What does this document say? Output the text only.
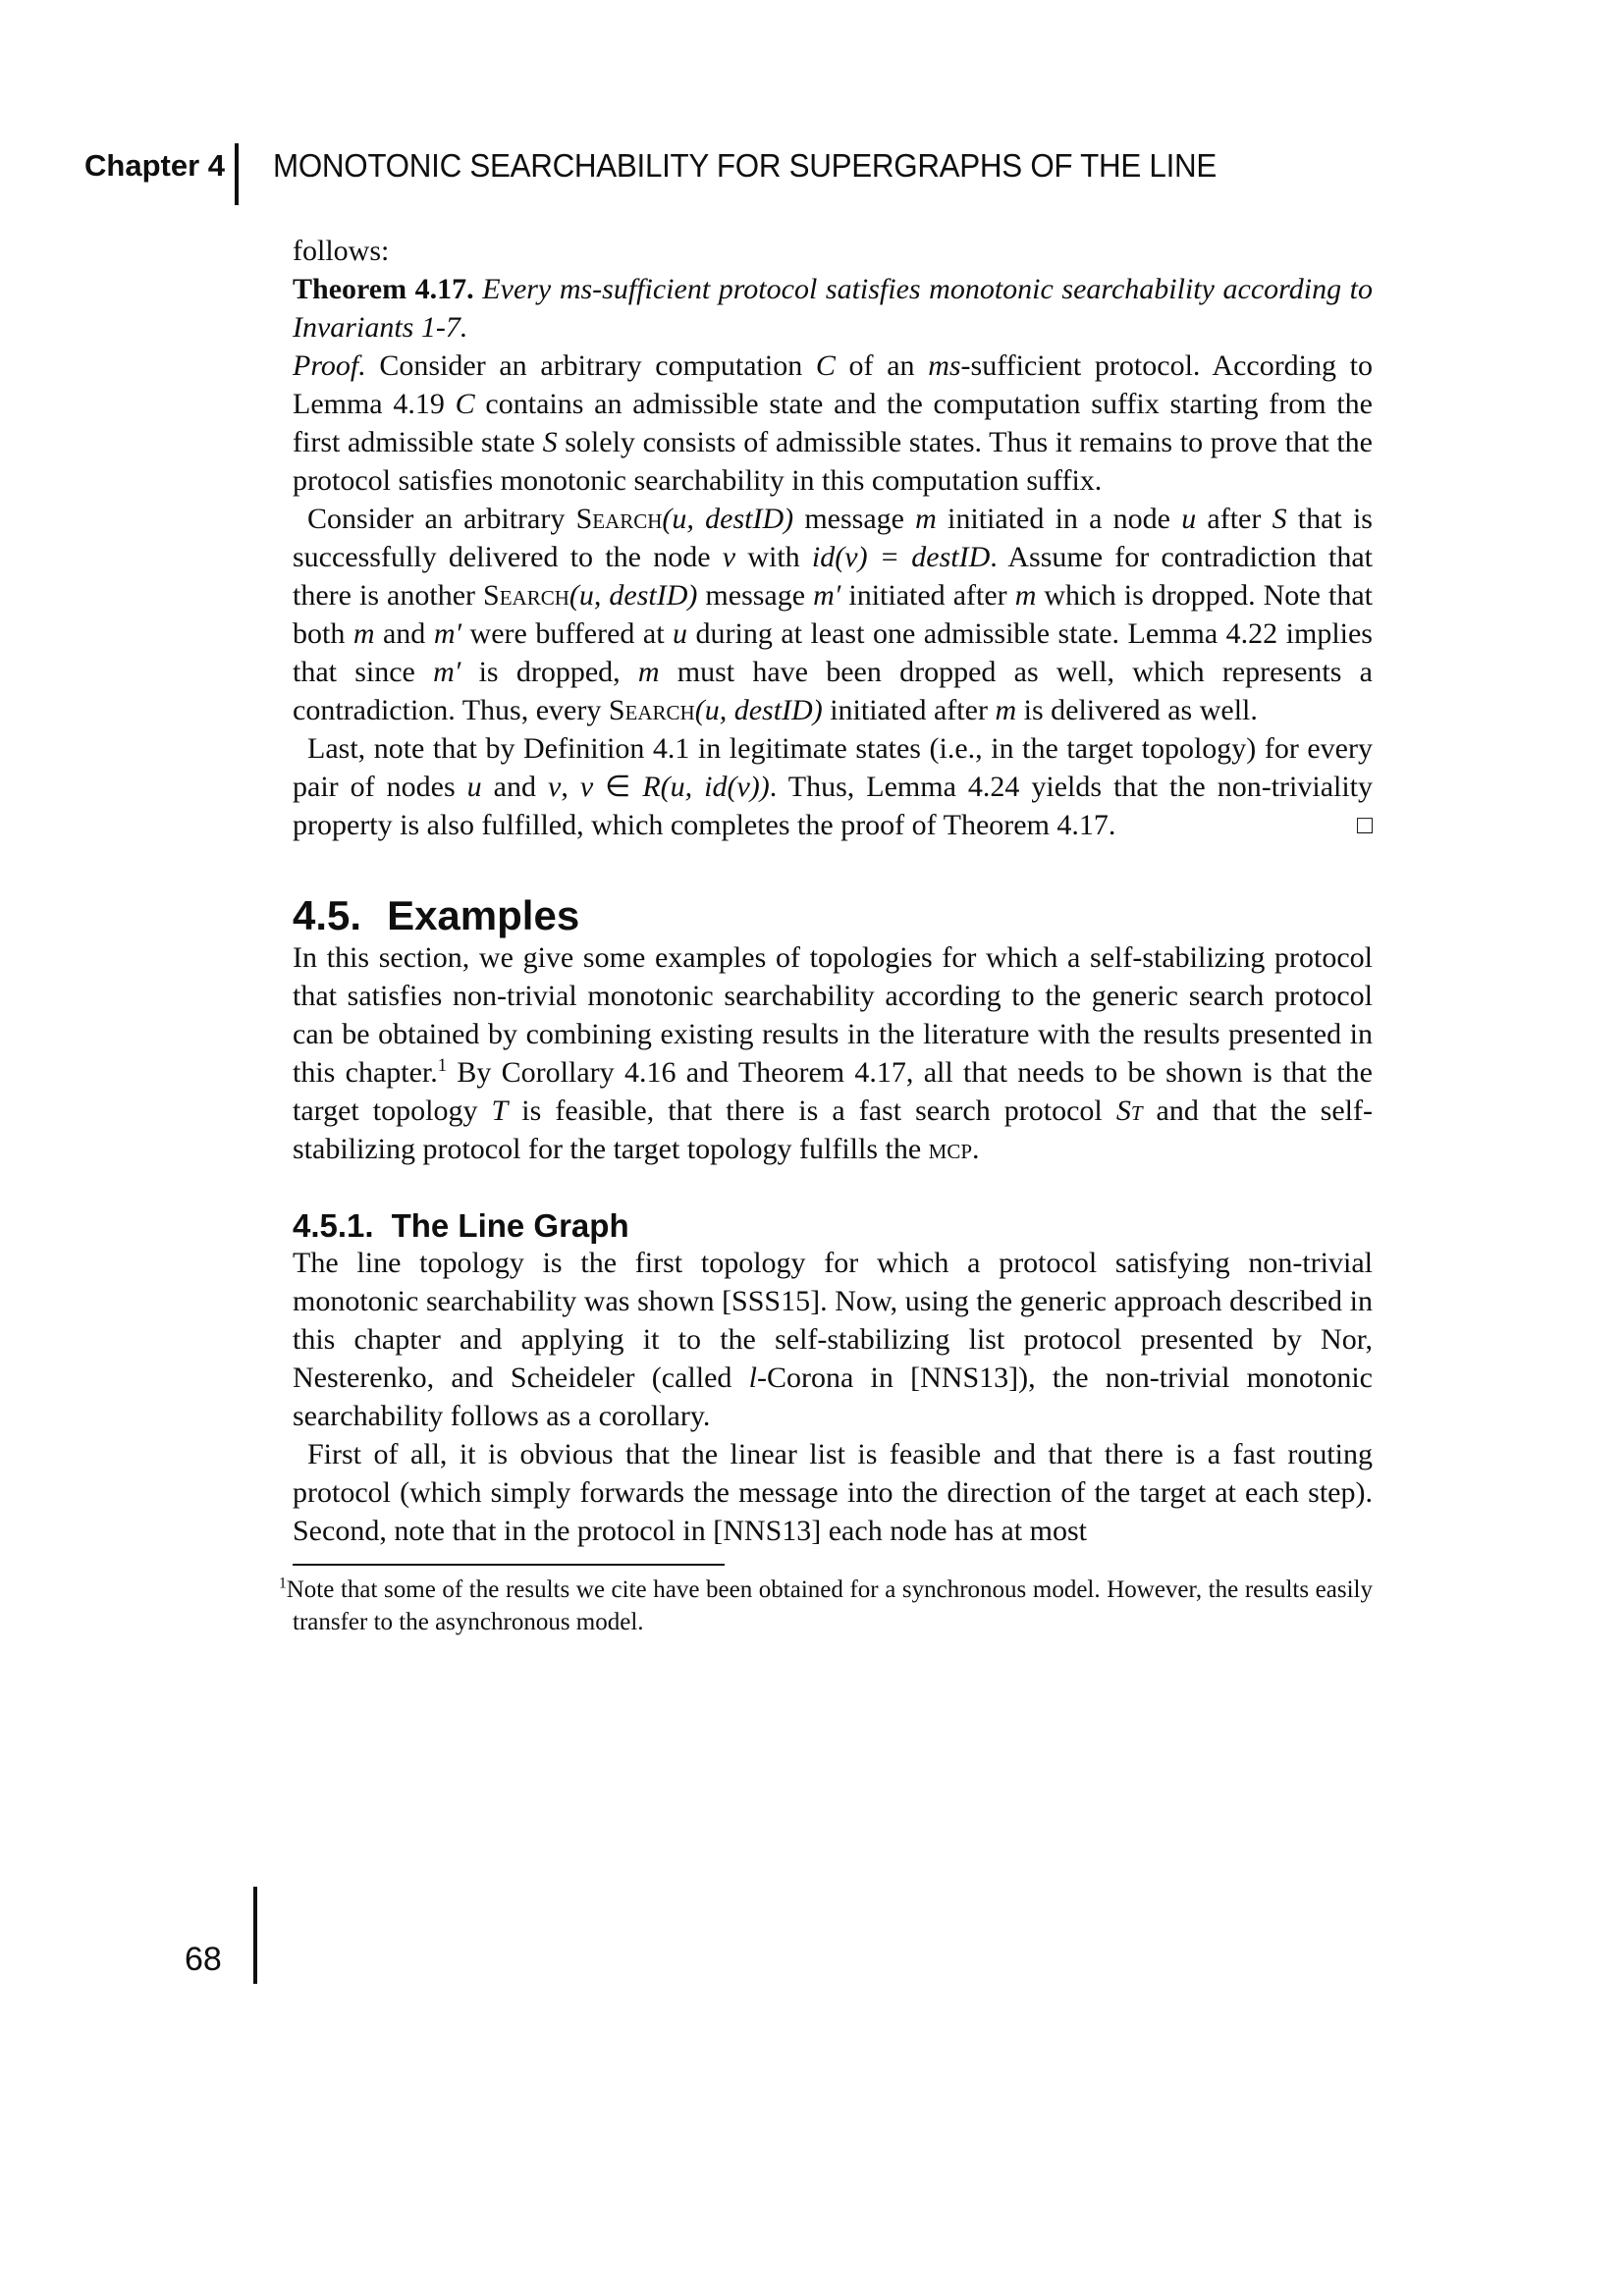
Chapter 4 MONOTONIC SEARCHABILITY FOR SUPERGRAPHS OF THE LINE

follows:

Theorem 4.17. Every ms-sufficient protocol satisfies monotonic searchability according to Invariants 1-7.

Proof. Consider an arbitrary computation C of an ms-sufficient protocol. According to Lemma 4.19 C contains an admissible state and the computation suffix starting from the first admissible state S solely consists of admissible states. Thus it remains to prove that the protocol satisfies monotonic searchability in this computation suffix.

Consider an arbitrary Search(u, destID) message m initiated in a node u after S that is successfully delivered to the node v with id(v) = destID. Assume for contradiction that there is another Search(u, destID) message m′ initiated after m which is dropped. Note that both m and m′ were buffered at u during at least one admissible state. Lemma 4.22 implies that since m′ is dropped, m must have been dropped as well, which represents a contradiction. Thus, every Search(u, destID) initiated after m is delivered as well.

Last, note that by Definition 4.1 in legitimate states (i.e., in the target topology) for every pair of nodes u and v, v ∈ R(u, id(v)). Thus, Lemma 4.24 yields that the non-triviality property is also fulfilled, which completes the proof of Theorem 4.17.	□

4.5. Examples

In this section, we give some examples of topologies for which a self-stabilizing protocol that satisfies non-trivial monotonic searchability according to the generic search protocol can be obtained by combining existing results in the literature with the results presented in this chapter.$^1$ By Corollary 4.16 and Theorem 4.17, all that needs to be shown is that the target topology T is feasible, that there is a fast search protocol ST and that the self-stabilizing protocol for the target topology fulfills the mcp.

4.5.1. The Line Graph

The line topology is the first topology for which a protocol satisfying non-trivial monotonic searchability was shown [SSS15]. Now, using the generic approach described in this chapter and applying it to the self-stabilizing list protocol presented by Nor, Nesterenko, and Scheideler (called l-Corona in [NNS13]), the non-trivial monotonic searchability follows as a corollary.

First of all, it is obvious that the linear list is feasible and that there is a fast routing protocol (which simply forwards the message into the direction of the target at each step). Second, note that in the protocol in [NNS13] each node has at most

$^1$Note that some of the results we cite have been obtained for a synchronous model. However, the results easily transfer to the asynchronous model.

68
